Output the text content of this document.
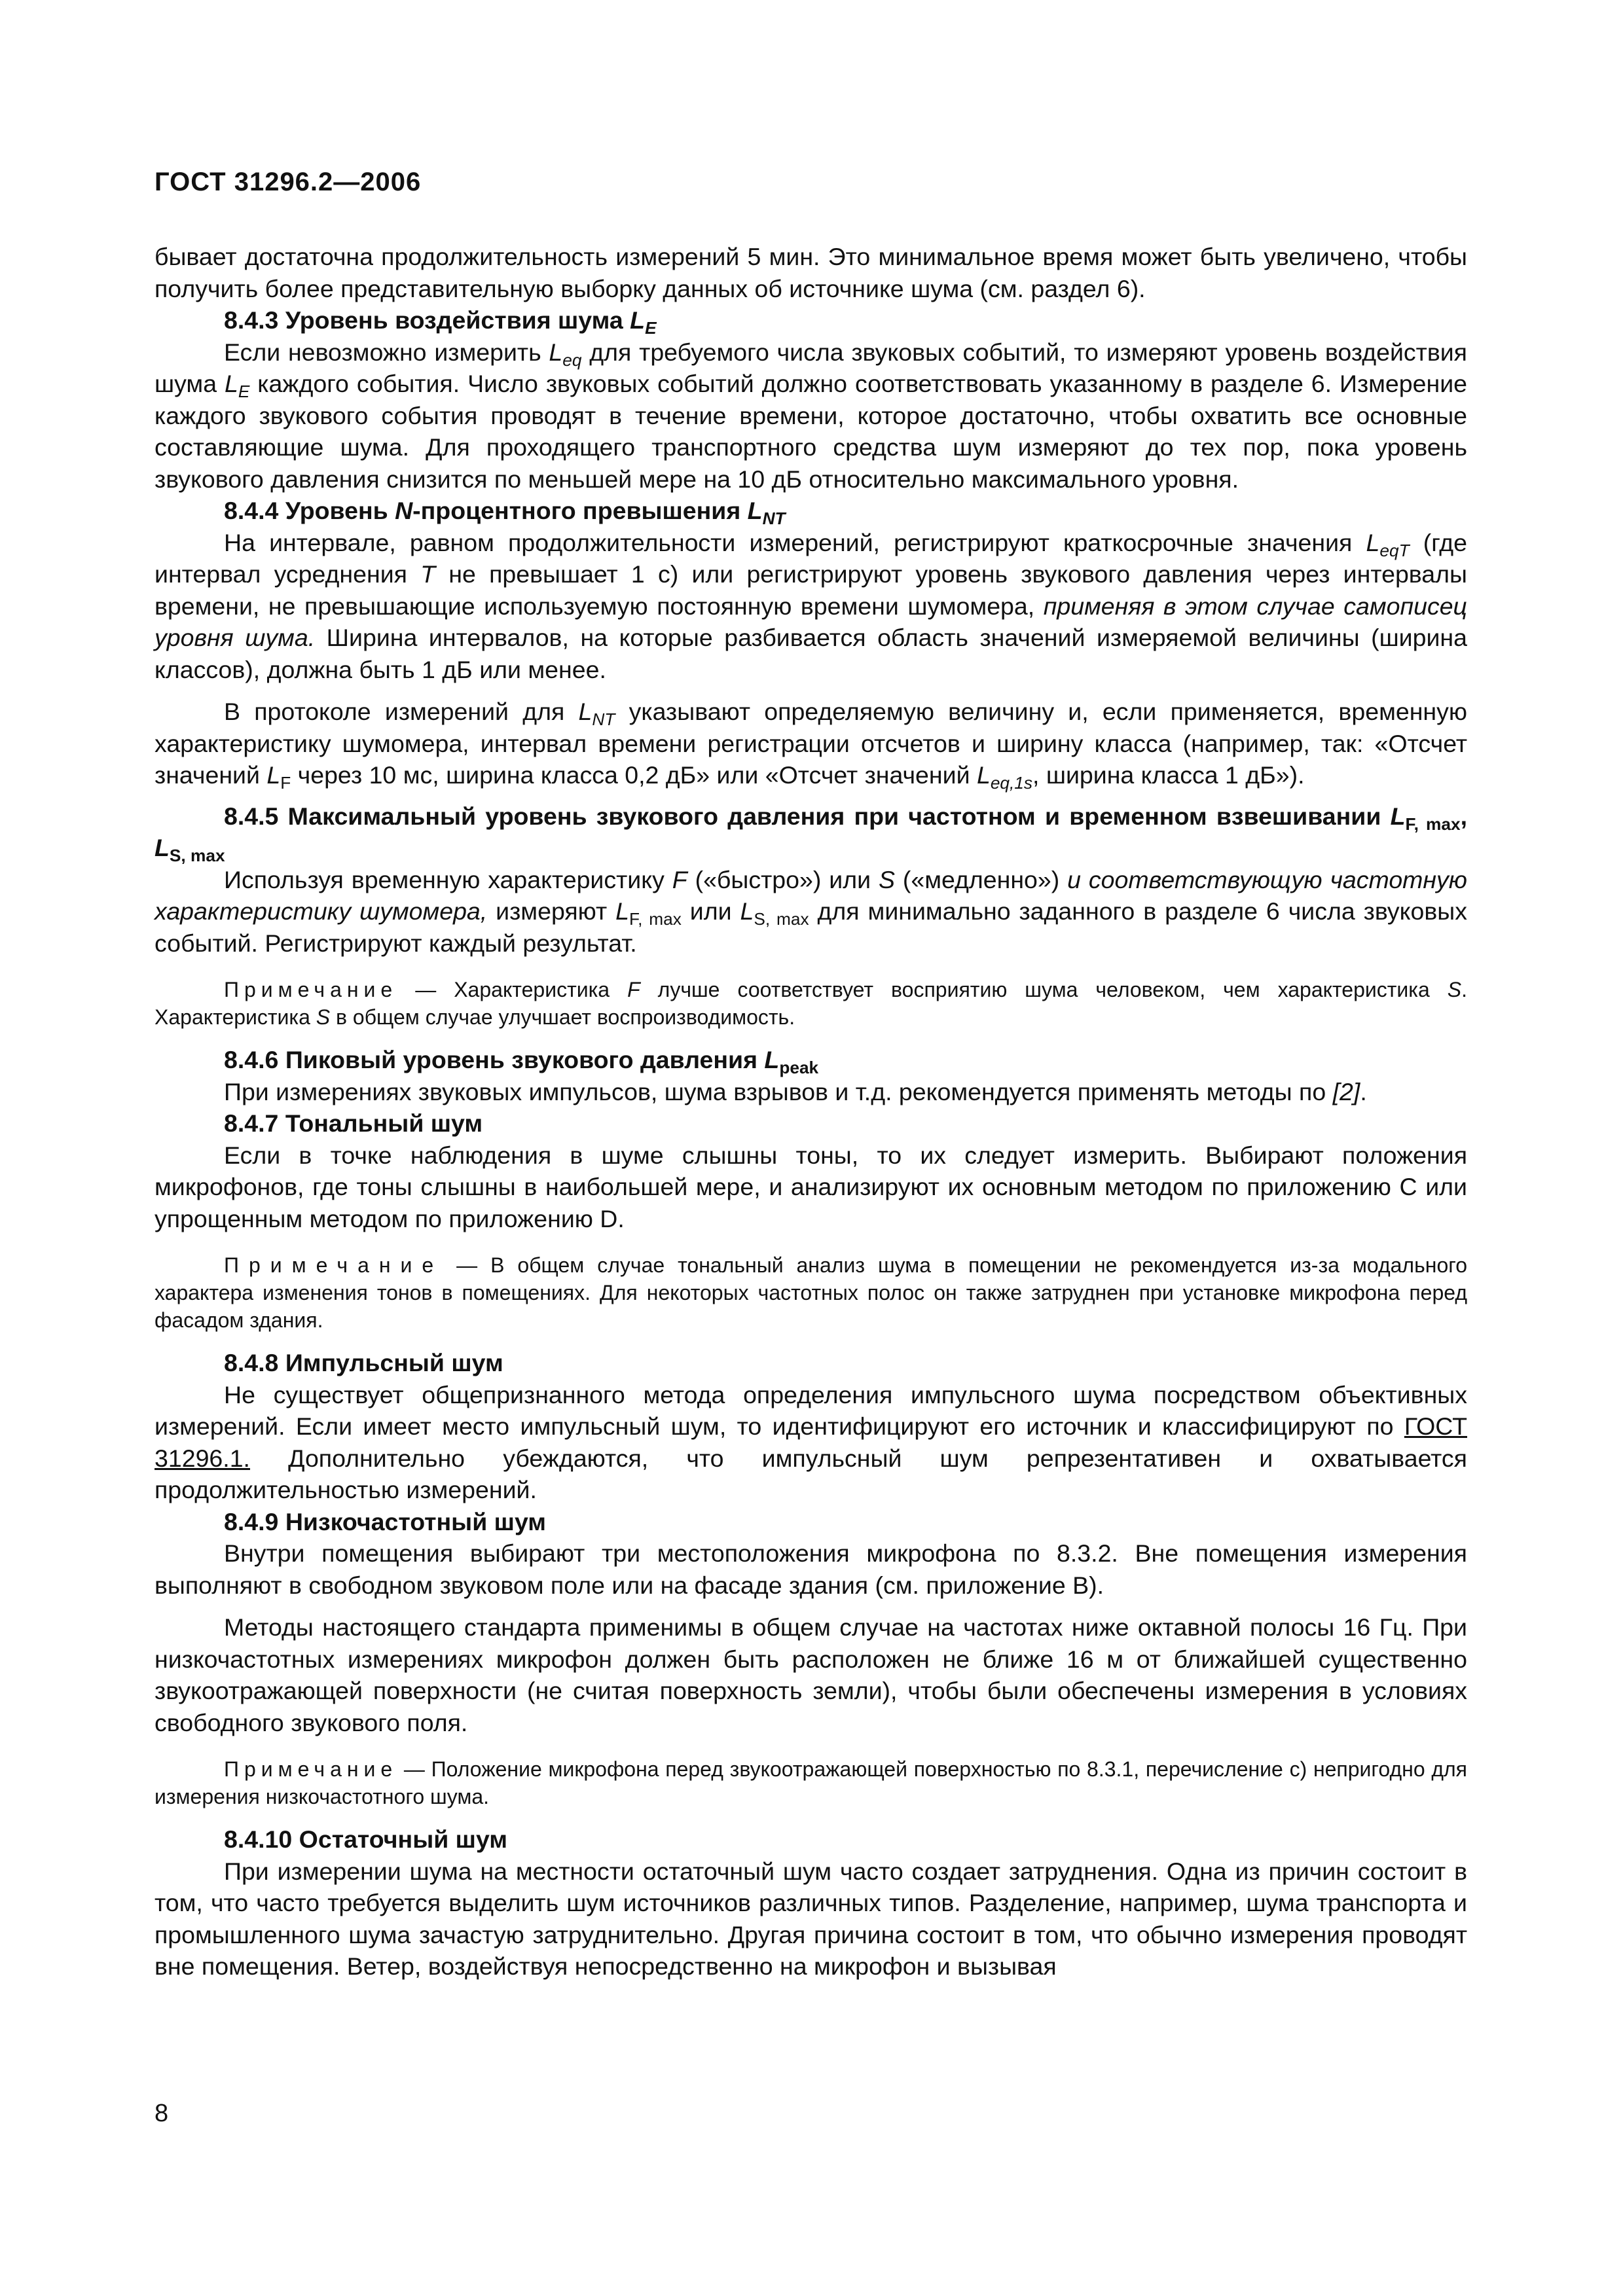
ГОСТ 31296.2—2006

бывает достаточна продолжительность измерений 5 мин. Это минимальное время может быть увеличено, чтобы получить более представительную выборку данных об источнике шума (см. раздел 6).

8.4.3 Уровень воздействия шума $L_E$

Если невозможно измерить $L_{eq}$ для требуемого числа звуковых событий, то измеряют уровень воздействия шума $L_E$ каждого события. Число звуковых событий должно соответствовать указанному в разделе 6. Измерение каждого звукового события проводят в течение времени, которое достаточно, чтобы охватить все основные составляющие шума. Для проходящего транспортного средства шум измеряют до тех пор, пока уровень звукового давления снизится по меньшей мере на 10 дБ относительно максимального уровня.

8.4.4 Уровень N-процентного превышения $L_{NT}$

На интервале, равном продолжительности измерений, регистрируют краткосрочные значения $L_{eqT}$ (где интервал усреднения T не превышает 1 с) или регистрируют уровень звукового давления через интервалы времени, не превышающие используемую постоянную времени шумомера, применяя в этом случае самописец уровня шума. Ширина интервалов, на которые разбивается область значений измеряемой величины (ширина классов), должна быть 1 дБ или менее.

В протоколе измерений для $L_{NT}$ указывают определяемую величину и, если применяется, временную характеристику шумомера, интервал времени регистрации отсчетов и ширину класса (например, так: «Отсчет значений $L_F$ через 10 мс, ширина класса 0,2 дБ» или «Отсчет значений $L_{eq,1s}$, ширина класса 1 дБ»).

8.4.5 Максимальный уровень звукового давления при частотном и временном взвешивании $L_{F, max}$, $L_{S, max}$

Используя временную характеристику F («быстро») или S («медленно») и соответствующую частотную характеристику шумомера, измеряют $L_{F, max}$ или $L_{S, max}$ для минимально заданного в разделе 6 числа звуковых событий. Регистрируют каждый результат.

Примечание — Характеристика F лучше соответствует восприятию шума человеком, чем характеристика S. Характеристика S в общем случае улучшает воспроизводимость.

8.4.6 Пиковый уровень звукового давления $L_{peak}$

При измерениях звуковых импульсов, шума взрывов и т.д. рекомендуется применять методы по [2].

8.4.7 Тональный шум

Если в точке наблюдения в шуме слышны тоны, то их следует измерить. Выбирают положения микрофонов, где тоны слышны в наибольшей мере, и анализируют их основным методом по приложению С или упрощенным методом по приложению D.

Примечание — В общем случае тональный анализ шума в помещении не рекомендуется из-за модального характера изменения тонов в помещениях. Для некоторых частотных полос он также затруднен при установке микрофона перед фасадом здания.

8.4.8 Импульсный шум

Не существует общепризнанного метода определения импульсного шума посредством объективных измерений. Если имеет место импульсный шум, то идентифицируют его источник и классифицируют по ГОСТ 31296.1. Дополнительно убеждаются, что импульсный шум репрезентативен и охватывается продолжительностью измерений.

8.4.9 Низкочастотный шум

Внутри помещения выбирают три местоположения микрофона по 8.3.2. Вне помещения измерения выполняют в свободном звуковом поле или на фасаде здания (см. приложение В).

Методы настоящего стандарта применимы в общем случае на частотах ниже октавной полосы 16 Гц. При низкочастотных измерениях микрофон должен быть расположен не ближе 16 м от ближайшей существенно звукоотражающей поверхности (не считая поверхность земли), чтобы были обеспечены измерения в условиях свободного звукового поля.

Примечание — Положение микрофона перед звукоотражающей поверхностью по 8.3.1, перечисление с) непригодно для измерения низкочастотного шума.

8.4.10 Остаточный шум

При измерении шума на местности остаточный шум часто создает затруднения. Одна из причин состоит в том, что часто требуется выделить шум источников различных типов. Разделение, например, шума транспорта и промышленного шума зачастую затруднительно. Другая причина состоит в том, что обычно измерения проводят вне помещения. Ветер, воздействуя непосредственно на микрофон и вызывая

8
